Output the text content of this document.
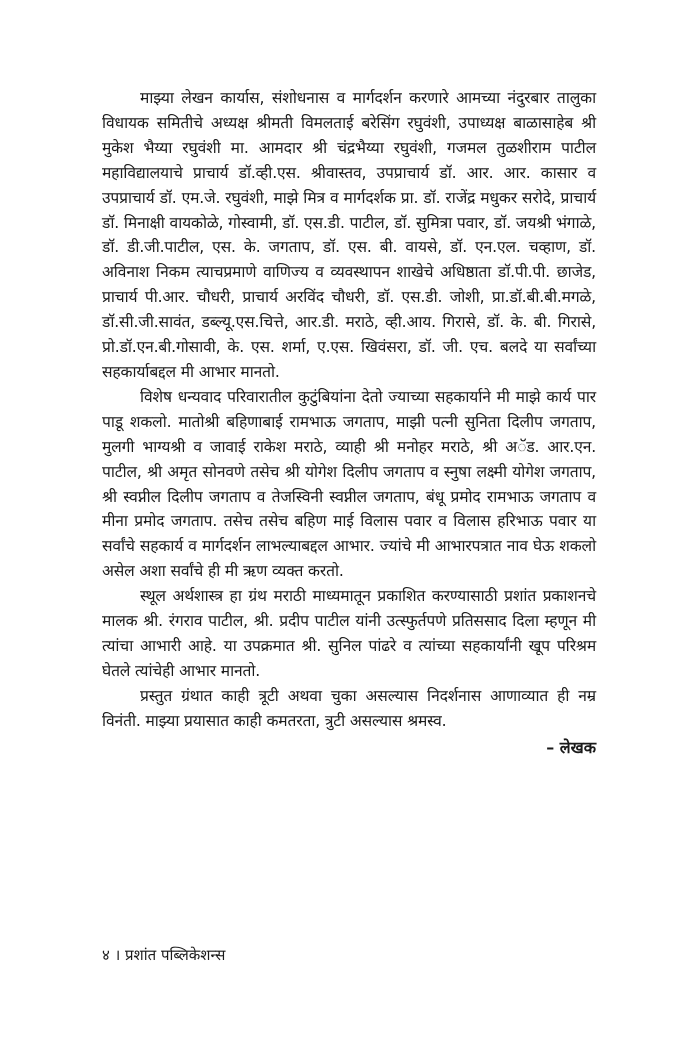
माझ्या लेखन कार्यास, संशोधनास व मार्गदर्शन करणारे आमच्या नंदुरबार तालुका विधायक समितीचे अध्यक्ष श्रीमती विमलताई बरेसिंग रघुवंशी, उपाध्यक्ष बाळासाहेब श्री मुकेश भैय्या रघुवंशी मा. आमदार श्री चंद्रभैय्या रघुवंशी, गजमल तुळशीराम पाटील महाविद्यालयाचे प्राचार्य डॉ.व्ही.एस. श्रीवास्तव, उपप्राचार्य डॉ. आर. आर. कासार व उपप्राचार्य डॉ. एम.जे. रघुवंशी, माझे मित्र व मार्गदर्शक प्रा. डॉ. राजेंद्र मधुकर सरोदे, प्राचार्य डॉ. मिनाक्षी वायकोळे, गोस्वामी, डॉ. एस.डी. पाटील, डॉ. सुमित्रा पवार, डॉ. जयश्री भंगाळे, डॉ. डी.जी.पाटील, एस. के. जगताप, डॉ. एस. बी. वायसे, डॉ. एन.एल. चव्हाण, डॉ. अविनाश निकम त्याचप्रमाणे वाणिज्य व व्यवस्थापन शाखेचे अधिष्ठाता डॉ.पी.पी. छाजेड, प्राचार्य पी.आर. चौधरी, प्राचार्य अरविंद चौधरी, डॉ. एस.डी. जोशी, प्रा.डॉ.बी.बी.मगळे, डॉ.सी.जी.सावंत, डब्ल्यू.एस.चित्ते, आर.डी. मराठे, व्ही.आय. गिरासे, डॉ. के. बी. गिरासे, प्रो.डॉ.एन.बी.गोसावी, के. एस. शर्मा, ए.एस. खिवंसरा, डॉ. जी. एच. बलदे या सर्वांच्या सहकार्याबद्दल मी आभार मानतो.

विशेष धन्यवाद परिवारातील कुटुंबियांना देतो ज्याच्या सहकार्याने मी माझे कार्य पार पाडू शकलो. मातोश्री बहिणाबाई रामभाऊ जगताप, माझी पत्नी सुनिता दिलीप जगताप, मुलगी भाग्यश्री व जावाई राकेश मराठे, व्याही श्री मनोहर मराठे, श्री अॅड. आर.एन. पाटील, श्री अमृत सोनवणे तसेच श्री योगेश दिलीप जगताप व स्नुषा लक्ष्मी योगेश जगताप, श्री स्वप्नील दिलीप जगताप व तेजस्विनी स्वप्नील जगताप, बंधू प्रमोद रामभाऊ जगताप व मीना प्रमोद जगताप. तसेच तसेच बहिण माई विलास पवार व विलास हरिभाऊ पवार या सर्वांचे सहकार्य व मार्गदर्शन लाभल्याबद्दल आभार. ज्यांचे मी आभारपत्रात नाव घेऊ शकलो असेल अशा सर्वांचे ही मी ऋण व्यक्त करतो.

स्थूल अर्थशास्त्र हा ग्रंथ मराठी माध्यमातून प्रकाशित करण्यासाठी प्रशांत प्रकाशनचे मालक श्री. रंगराव पाटील, श्री. प्रदीप पाटील यांनी उत्स्फुर्तपणे प्रतिससाद दिला म्हणून मी त्यांचा आभारी आहे. या उपक्रमात श्री. सुनिल पांढरे व त्यांच्या सहकार्यांनी खूप परिश्रम घेतले त्यांचेही आभार मानतो.

प्रस्तुत ग्रंथात काही त्रूटी अथवा चुका असल्यास निदर्शनास आणाव्यात ही नम्र विनंती. माझ्या प्रयासात काही कमतरता, त्रुटी असल्यास श्रमस्व.

– लेखक

४ । प्रशांत पब्लिकेशन्स
